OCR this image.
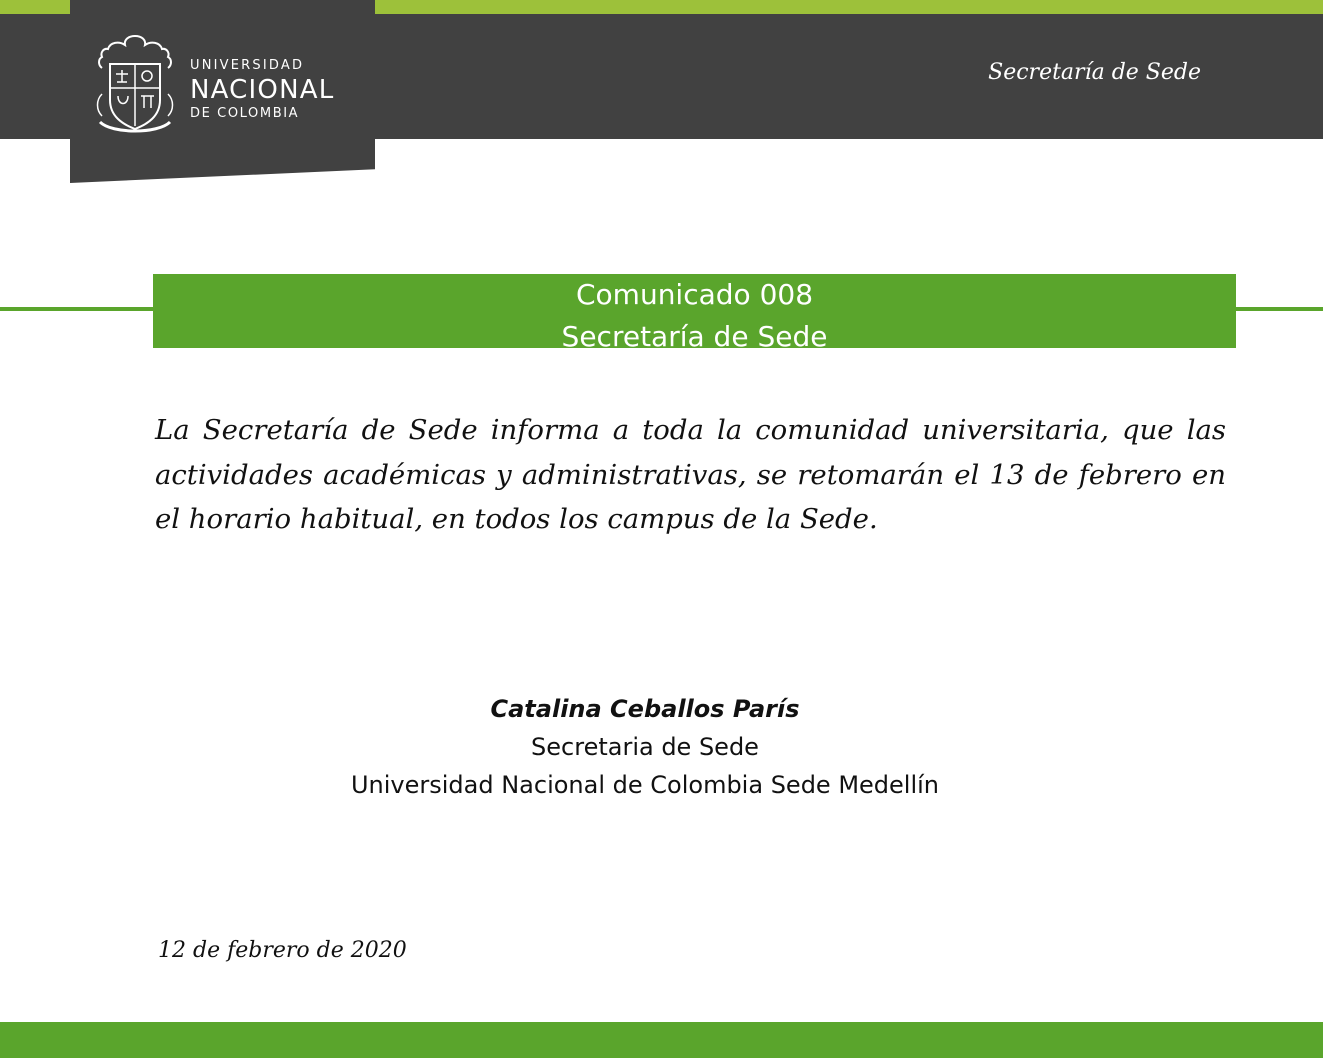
UNIVERSIDAD
NACIONAL
DE COLOMBIA
Secretaría de Sede
Comunicado 008
Secretaría de Sede

La Secretaría de Sede informa a toda la comunidad universitaria, que las actividades académicas y administrativas, se retomarán el 13 de febrero en el horario habitual, en todos los campus de la Sede.

Catalina Ceballos París
Secretaria de Sede
Universidad Nacional de Colombia Sede Medellín
12 de febrero de 2020
